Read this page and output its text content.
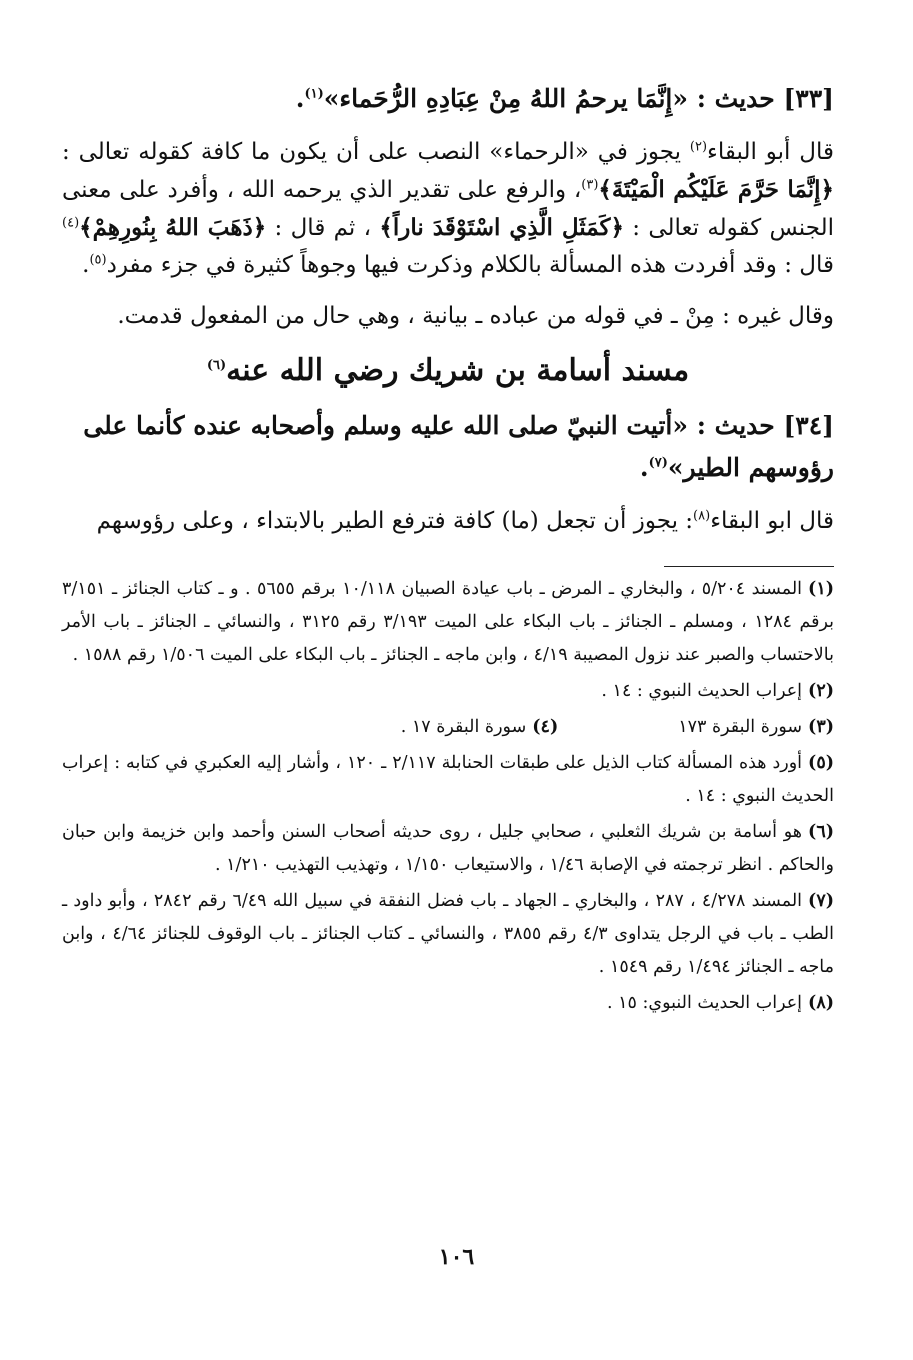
[٣٣] حديث : «إِنَّمَا يرحمُ اللهُ مِنْ عِبَادِهِ الرُّحَماء»$^{(١)}$.

قال أبو البقاء$^{(٢)}$ يجوز في «الرحماء» النصب على أن يكون ما كافة كقوله تعالى : ﴿إِنَّمَا حَرَّمَ عَلَيْكُم الْمَيْتَةَ﴾$^{(٣)}$، والرفع على تقدير الذي يرحمه الله ، وأفرد على معنى الجنس كقوله تعالى : ﴿كَمَثَلِ الَّذِي اسْتَوْقَدَ ناراً﴾ ، ثم قال : ﴿ذَهَبَ اللهُ بِنُورِهِمْ﴾$^{(٤)}$ قال : وقد أفردت هذه المسألة بالكلام وذكرت فيها وجوهاً كثيرة في جزء مفرد$^{(٥)}$.

وقال غيره : مِنْ ـ في قوله من عباده ـ بيانية ، وهي حال من المفعول قدمت.

مسند أسامة بن شريك رضي الله عنه$^{(٦)}$

[٣٤] حديث : «أتيت النبيّ صلى الله عليه وسلم وأصحابه عنده كأنما على رؤوسهم الطير»$^{(٧)}$.

قال ابو البقاء$^{(٨)}$: يجوز أن تجعل (ما) كافة فترفع الطير بالابتداء ، وعلى رؤوسهم

(١)المسند ٥/٢٠٤ ، والبخاري ـ المرض ـ باب عيادة الصبيان ١٠/١١٨ برقم ٥٦٥٥ . و ـ كتاب الجنائز ـ ٣/١٥١ برقم ١٢٨٤ ، ومسلم ـ الجنائز ـ باب البكاء على الميت ٣/١٩٣ رقم ٣١٢٥ ، والنسائي ـ الجنائز ـ باب الأمر بالاحتساب والصبر عند نزول المصيبة ٤/١٩ ، وابن ماجه ـ الجنائز ـ باب البكاء على الميت ١/٥٠٦ رقم ١٥٨٨ .

(٢)إعراب الحديث النبوي : ١٤ .

(٣)سورة البقرة ١٧٣
(٤)سورة البقرة ١٧ .

(٥)أورد هذه المسألة كتاب الذيل على طبقات الحنابلة ٢/١١٧ ـ ١٢٠ ، وأشار إليه العكبري في كتابه : إعراب الحديث النبوي : ١٤ .

(٦)هو أسامة بن شريك الثعلبي ، صحابي جليل ، روى حديثه أصحاب السنن وأحمد وابن خزيمة وابن حبان والحاكم . انظر ترجمته في الإصابة ١/٤٦ ، والاستيعاب ١/١٥٠ ، وتهذيب التهذيب ١/٢١٠ .

(٧)المسند ٤/٢٧٨ ، ٢٨٧ ، والبخاري ـ الجهاد ـ باب فضل النفقة في سبيل الله ٦/٤٩ رقم ٢٨٤٢ ، وأبو داود ـ الطب ـ باب في الرجل يتداوى ٤/٣ رقم ٣٨٥٥ ، والنسائي ـ كتاب الجنائز ـ باب الوقوف للجنائز ٤/٦٤ ، وابن ماجه ـ الجنائز ١/٤٩٤ رقم ١٥٤٩ .

(٨)إعراب الحديث النبوي: ١٥ .

١٠٦
